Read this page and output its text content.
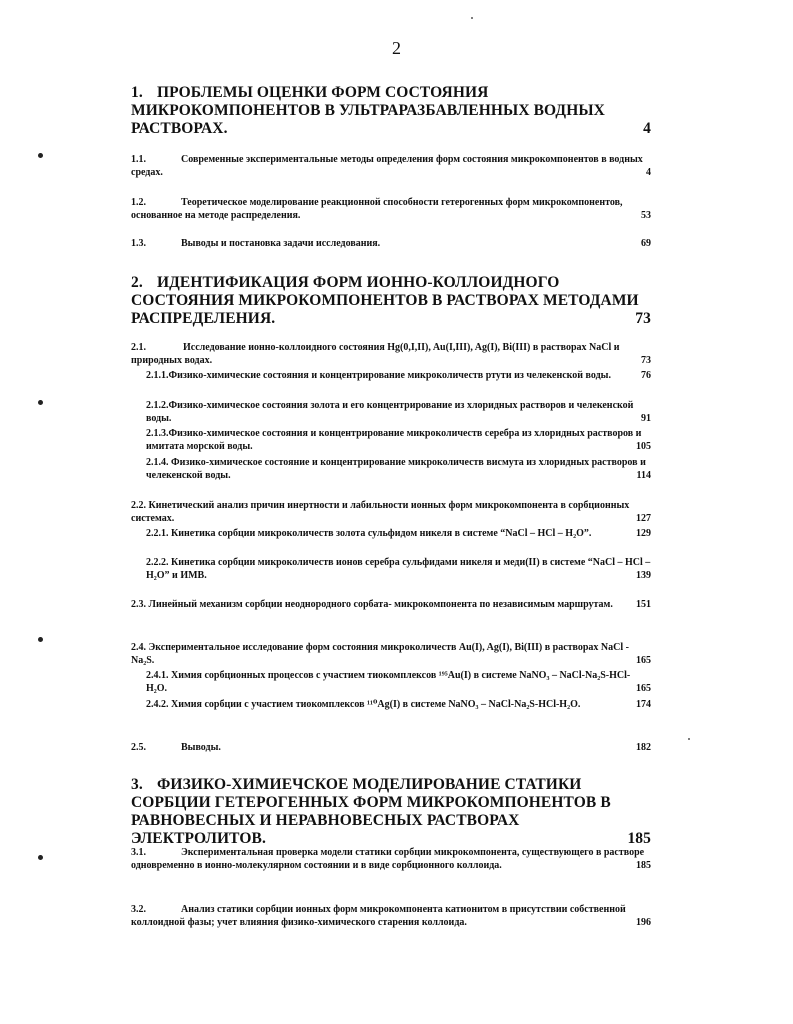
2
1. ПРОБЛЕМЫ ОЦЕНКИ ФОРМ СОСТОЯНИЯ МИКРОКОМПОНЕНТОВ В УЛЬТРАРАЗБАВЛЕННЫХ ВОДНЫХ РАСТВОРАХ.	4
1.1.	Современные экспериментальные методы определения форм состояния микрокомпонентов в водных средах.	4
1.2.	Теоретическое моделирование реакционной способности гетерогенных форм микрокомпонентов, основанное на методе распределения.	53
1.3.	Выводы и постановка задачи исследования.	69
2. ИДЕНТИФИКАЦИЯ ФОРМ ИОННО-КОЛЛОИДНОГО СОСТОЯНИЯ МИКРОКОМПОНЕНТОВ В РАСТВОРАХ МЕТОДАМИ РАСПРЕДЕЛЕНИЯ.	73
2.1.	Исследование ионно-коллоидного состояния Hg(0,I,II), Au(I,III), Ag(I), Bi(III) в растворах NaCl и природных водах.	73
2.1.1.Физико-химические состояния и концентрирование микроколичеств ртути из челекенской воды.	76
2.1.2.Физико-химическое состояния золота и его концентрирование из хлоридных растворов и челекенской воды.	91
2.1.3.Физико-химическое состояния и концентрирование микроколичеств серебра из хлоридных растворов и имитата морской воды.	105
2.1.4. Физико-химическое состояние и концентрирование микроколичеств висмута из хлоридных растворов и челекенской воды.	114
2.2. Кинетический анализ причин инертности и лабильности ионных форм микрокомпонента в сорбционных системах.	127
2.2.1. Кинетика сорбции микроколичеств золота сульфидом никеля в системе “NaCl – HCl – H₂O”.	129
2.2.2. Кинетика сорбции микроколичеств ионов серебра сульфидами никеля и меди(II) в системе “NaCl – HCl – H₂O” и ИМВ.	139
2.3. Линейный механизм сорбции неоднородного сорбата- микрокомпонента по независимым маршрутам. 151
2.4. Экспериментальное исследование форм состояния микроколичеств Au(I), Ag(I), Bi(III) в растворах NaCl -Na₂S.	165
2.4.1. Химия сорбционных процессов с участием тиокомплексов ¹⁹⁵Au(I) в системе NaNO₃ – NaCl-Na₂S-HCl-H₂O.	165
2.4.2. Химия сорбции с участием тиокомплексов ¹¹⁰Ag(I) в системе NaNO₃ – NaCl-Na₂S-HCl-H₂O.	174
2.5.	Выводы.	182
3. ФИЗИКО-ХИМИЕЧСКОЕ МОДЕЛИРОВАНИЕ СТАТИКИ СОРБЦИИ ГЕТЕРОГЕННЫХ ФОРМ МИКРОКОМПОНЕНТОВ В РАВНОВЕСНЫХ И НЕРАВНОВЕСНЫХ РАСТВОРАХ ЭЛЕКТРОЛИТОВ.	185
3.1.	Экспериментальная проверка модели статики сорбции микрокомпонента, существующего в растворе одновременно в ионно-молекулярном состоянии и в виде сорбционного коллоида.	185
3.2.	Анализ статики сорбции ионных форм микрокомпонента катионитом в присутствии собственной коллоидной фазы; учет влияния физико-химического старения коллоида.	196
